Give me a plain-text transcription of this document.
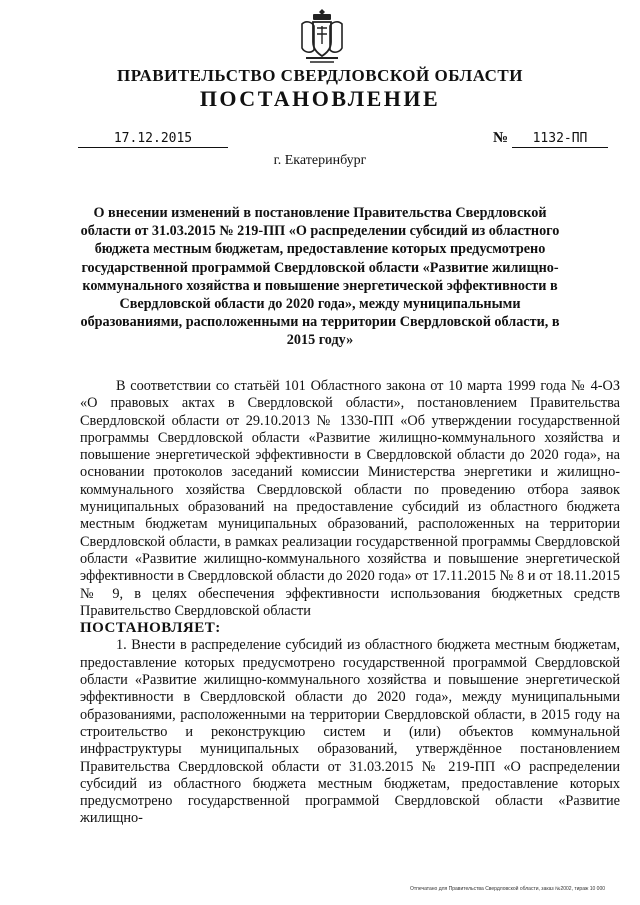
ПРАВИТЕЛЬСТВО СВЕРДЛОВСКОЙ ОБЛАСТИ
ПОСТАНОВЛЕНИЕ
17.12.2015	№	1132-ПП
г. Екатеринбург
О внесении изменений в постановление Правительства Свердловской области от 31.03.2015 № 219-ПП «О распределении субсидий из областного бюджета местным бюджетам, предоставление которых предусмотрено государственной программой Свердловской области «Развитие жилищно-коммунального хозяйства и повышение энергетической эффективности в Свердловской области до 2020 года», между муниципальными образованиями, расположенными на территории Свердловской области, в 2015 году»

В соответствии со статьёй 101 Областного закона от 10 марта 1999 года № 4-ОЗ «О правовых актах в Свердловской области», постановлением Правительства Свердловской области от 29.10.2013 № 1330-ПП «Об утверждении государственной программы Свердловской области «Развитие жилищно-коммунального хозяйства и повышение энергетической эффективности в Свердловской области до 2020 года», на основании протоколов заседаний комиссии Министерства энергетики и жилищно-коммунального хозяйства Свердловской области по проведению отбора заявок муниципальных образований на предоставление субсидий из областного бюджета местным бюджетам муниципальных образований, расположенных на территории Свердловской области, в рамках реализации государственной программы Свердловской области «Развитие жилищно-коммунального хозяйства и повышение энергетической эффективности в Свердловской области до 2020 года» от 17.11.2015 № 8 и от 18.11.2015 № 9, в целях обеспечения эффективности использования бюджетных средств Правительство Свердловской области

ПОСТАНОВЛЯЕТ:

1. Внести в распределение субсидий из областного бюджета местным бюджетам, предоставление которых предусмотрено государственной программой Свердловской области «Развитие жилищно-коммунального хозяйства и повышение энергетической эффективности в Свердловской области до 2020 года», между муниципальными образованиями, расположенными на территории Свердловской области, в 2015 году на строительство и реконструкцию систем и (или) объектов коммунальной инфраструктуры муниципальных образований, утверждённое постановлением Правительства Свердловской области от 31.03.2015 № 219-ПП «О распределении субсидий из областного бюджета местным бюджетам, предоставление которых предусмотрено государственной программой Свердловской области «Развитие жилищно-

Отпечатано для Правительства Свердловской области, заказ №2002, тираж 10 000
